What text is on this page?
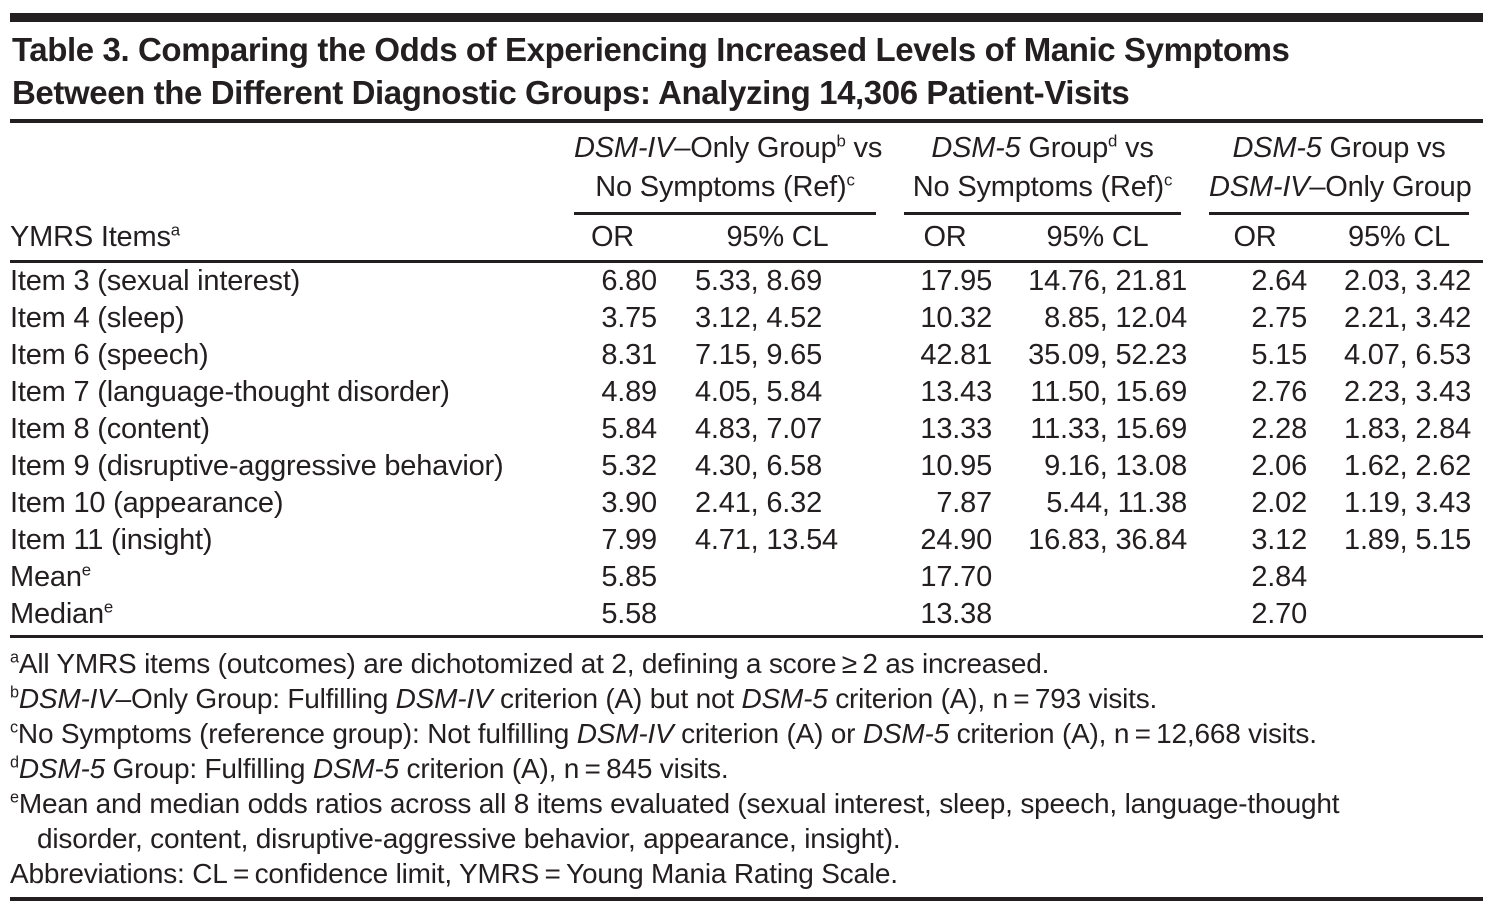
Table 3. Comparing the Odds of Experiencing Increased Levels of Manic Symptoms
Between the Different Diagnostic Groups: Analyzing 14,306 Patient-Visits
YMRS Items$^a$	
DSM-IV–Only Group$^b$ vs
No Symptoms (Ref)$^c$

DSM-5 Group$^d$ vs
No Symptoms (Ref)$^c$

DSM-5 Group vs
DSM-IV–Only Group

	OR	95% CL	OR	95% CL	OR	95% CL
Item 3 (sexual interest)	6.80	5.33, 8.69	17.95	14.76, 21.81	2.64	2.03, 3.42
Item 4 (sleep)	3.75	3.12, 4.52	10.32	8.85, 12.04	2.75	2.21, 3.42
Item 6 (speech)	8.31	7.15, 9.65	42.81	35.09, 52.23	5.15	4.07, 6.53
Item 7 (language-thought disorder)	4.89	4.05, 5.84	13.43	11.50, 15.69	2.76	2.23, 3.43
Item 8 (content)	5.84	4.83, 7.07	13.33	11.33, 15.69	2.28	1.83, 2.84
Item 9 (disruptive-aggressive behavior)	5.32	4.30, 6.58	10.95	9.16, 13.08	2.06	1.62, 2.62
Item 10 (appearance)	3.90	2.41, 6.32	7.87	5.44, 11.38	2.02	1.19, 3.43
Item 11 (insight)	7.99	4.71, 13.54	24.90	16.83, 36.84	3.12	1.89, 5.15
Mean$^e$	5.85		17.70		2.84	
Median$^e$	5.58		13.38		2.70	
$^a$All YMRS items (outcomes) are dichotomized at 2, defining a score ≥ 2 as increased.
$^b$DSM-IV–Only Group: Fulfilling DSM-IV criterion (A) but not DSM-5 criterion (A), n = 793 visits.
$^c$No Symptoms (reference group): Not fulfilling DSM-IV criterion (A) or DSM-5 criterion (A), n = 12,668 visits.
$^d$DSM-5 Group: Fulfilling DSM-5 criterion (A), n = 845 visits.
$^e$Mean and median odds ratios across all 8 items evaluated (sexual interest, sleep, speech, language-thought
disorder, content, disruptive-aggressive behavior, appearance, insight).
Abbreviations: CL = confidence limit, YMRS = Young Mania Rating Scale.
